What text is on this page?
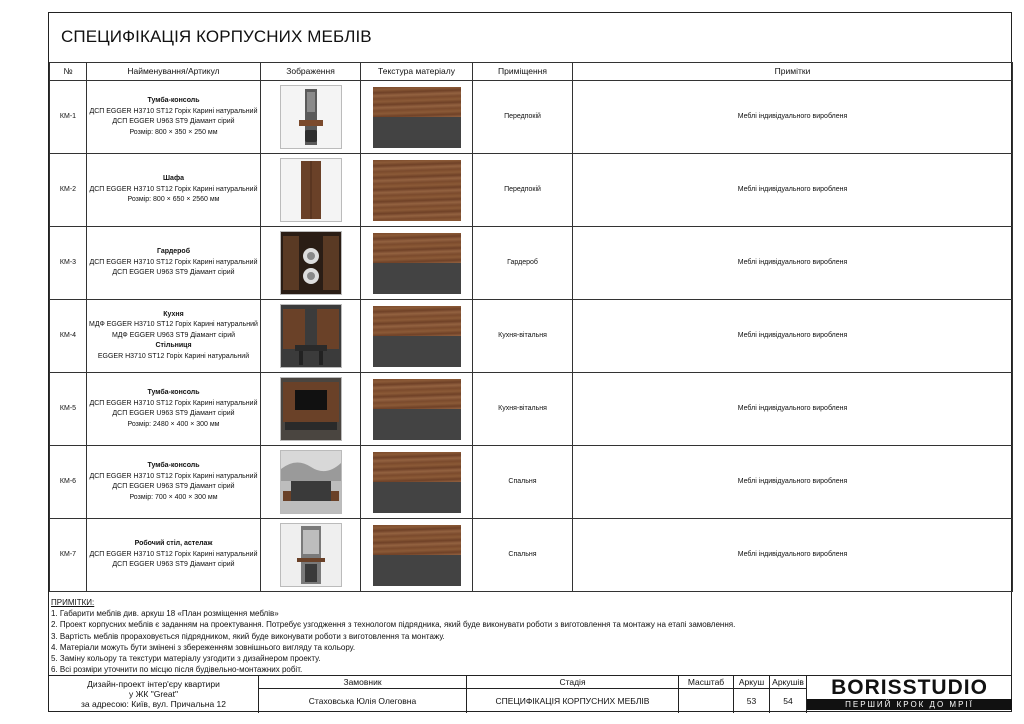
СПЕЦИФІКАЦІЯ КОРПУСНИХ МЕБЛІВ
№	Найменування/Артикул	Зображення	Текстура матеріалу	Приміщення	Примітки
КМ-1	Тумба-консоль
ДСП EGGER H3710 ST12 Горіх Карині натуральний
ДСП EGGER U963 ST9 Діамант сірий
Розмір: 800 × 350 × 250 мм			Передпокій	Меблі індивідуального виробленя
КМ-2	Шафа
ДСП EGGER H3710 ST12 Горіх Карині натуральний
Розмір: 800 × 650 × 2560 мм			Передпокій	Меблі індивідуального виробленя
КМ-3	Гардероб
ДСП EGGER H3710 ST12 Горіх Карині натуральний
ДСП EGGER U963 ST9 Діамант сірий			Гардероб	Меблі індивідуального виробленя
КМ-4	Кухня
МДФ EGGER H3710 ST12 Горіх Карині натуральний
МДФ EGGER U963 ST9 Діамант сірий
Стільниця
EGGER H3710 ST12 Горіх Карині натуральний			Кухня-вітальня	Меблі індивідуального виробленя
КМ-5	Тумба-консоль
ДСП EGGER H3710 ST12 Горіх Карині натуральний
ДСП EGGER U963 ST9 Діамант сірий
Розмір: 2480 × 400 × 300 мм			Кухня-вітальня	Меблі індивідуального виробленя
КМ-6	Тумба-консоль
ДСП EGGER H3710 ST12 Горіх Карині натуральний
ДСП EGGER U963 ST9 Діамант сірий
Розмір: 700 × 400 × 300 мм			Спальня	Меблі індивідуального виробленя
КМ-7	Робочий стіл, астелаж
ДСП EGGER H3710 ST12 Горіх Карині натуральний
ДСП EGGER U963 ST9 Діамант сірий			Спальня	Меблі індивідуального виробленя
ПРИМІТКИ:
1. Габарити меблів див. аркуш 18 «План розміщення меблів»
2. Проект корпусних меблів є заданням на проектування. Потребує узгодження з технологом підрядника, який буде виконувати роботи з виготовлення та монтажу на етапі замовлення.
3. Вартість меблів прораховується підрядником, який буде виконувати роботи з виготовлення та монтажу.
4. Матеріали можуть бути змінені з збереженням зовнішнього вигляду та кольору.
5. Заміну кольору та текстури матеріалу узгодити з дизайнером проекту.
6. Всі розміри уточнити по місцю після будівельно-монтажних робіт.
Дизайн-проект інтер'єру квартири
у ЖК "Great"
за адресою: Київ, вул. Причальна 12
Замовник
Стаховська Юлія Олеговна
Стадія
СПЕЦИФІКАЦІЯ КОРПУСНИХ МЕБЛІВ
Масштаб	Аркуш
53
Аркушів
54
BORISSTUDIO
ПЕРШИЙ КРОК ДО МРІЇ
